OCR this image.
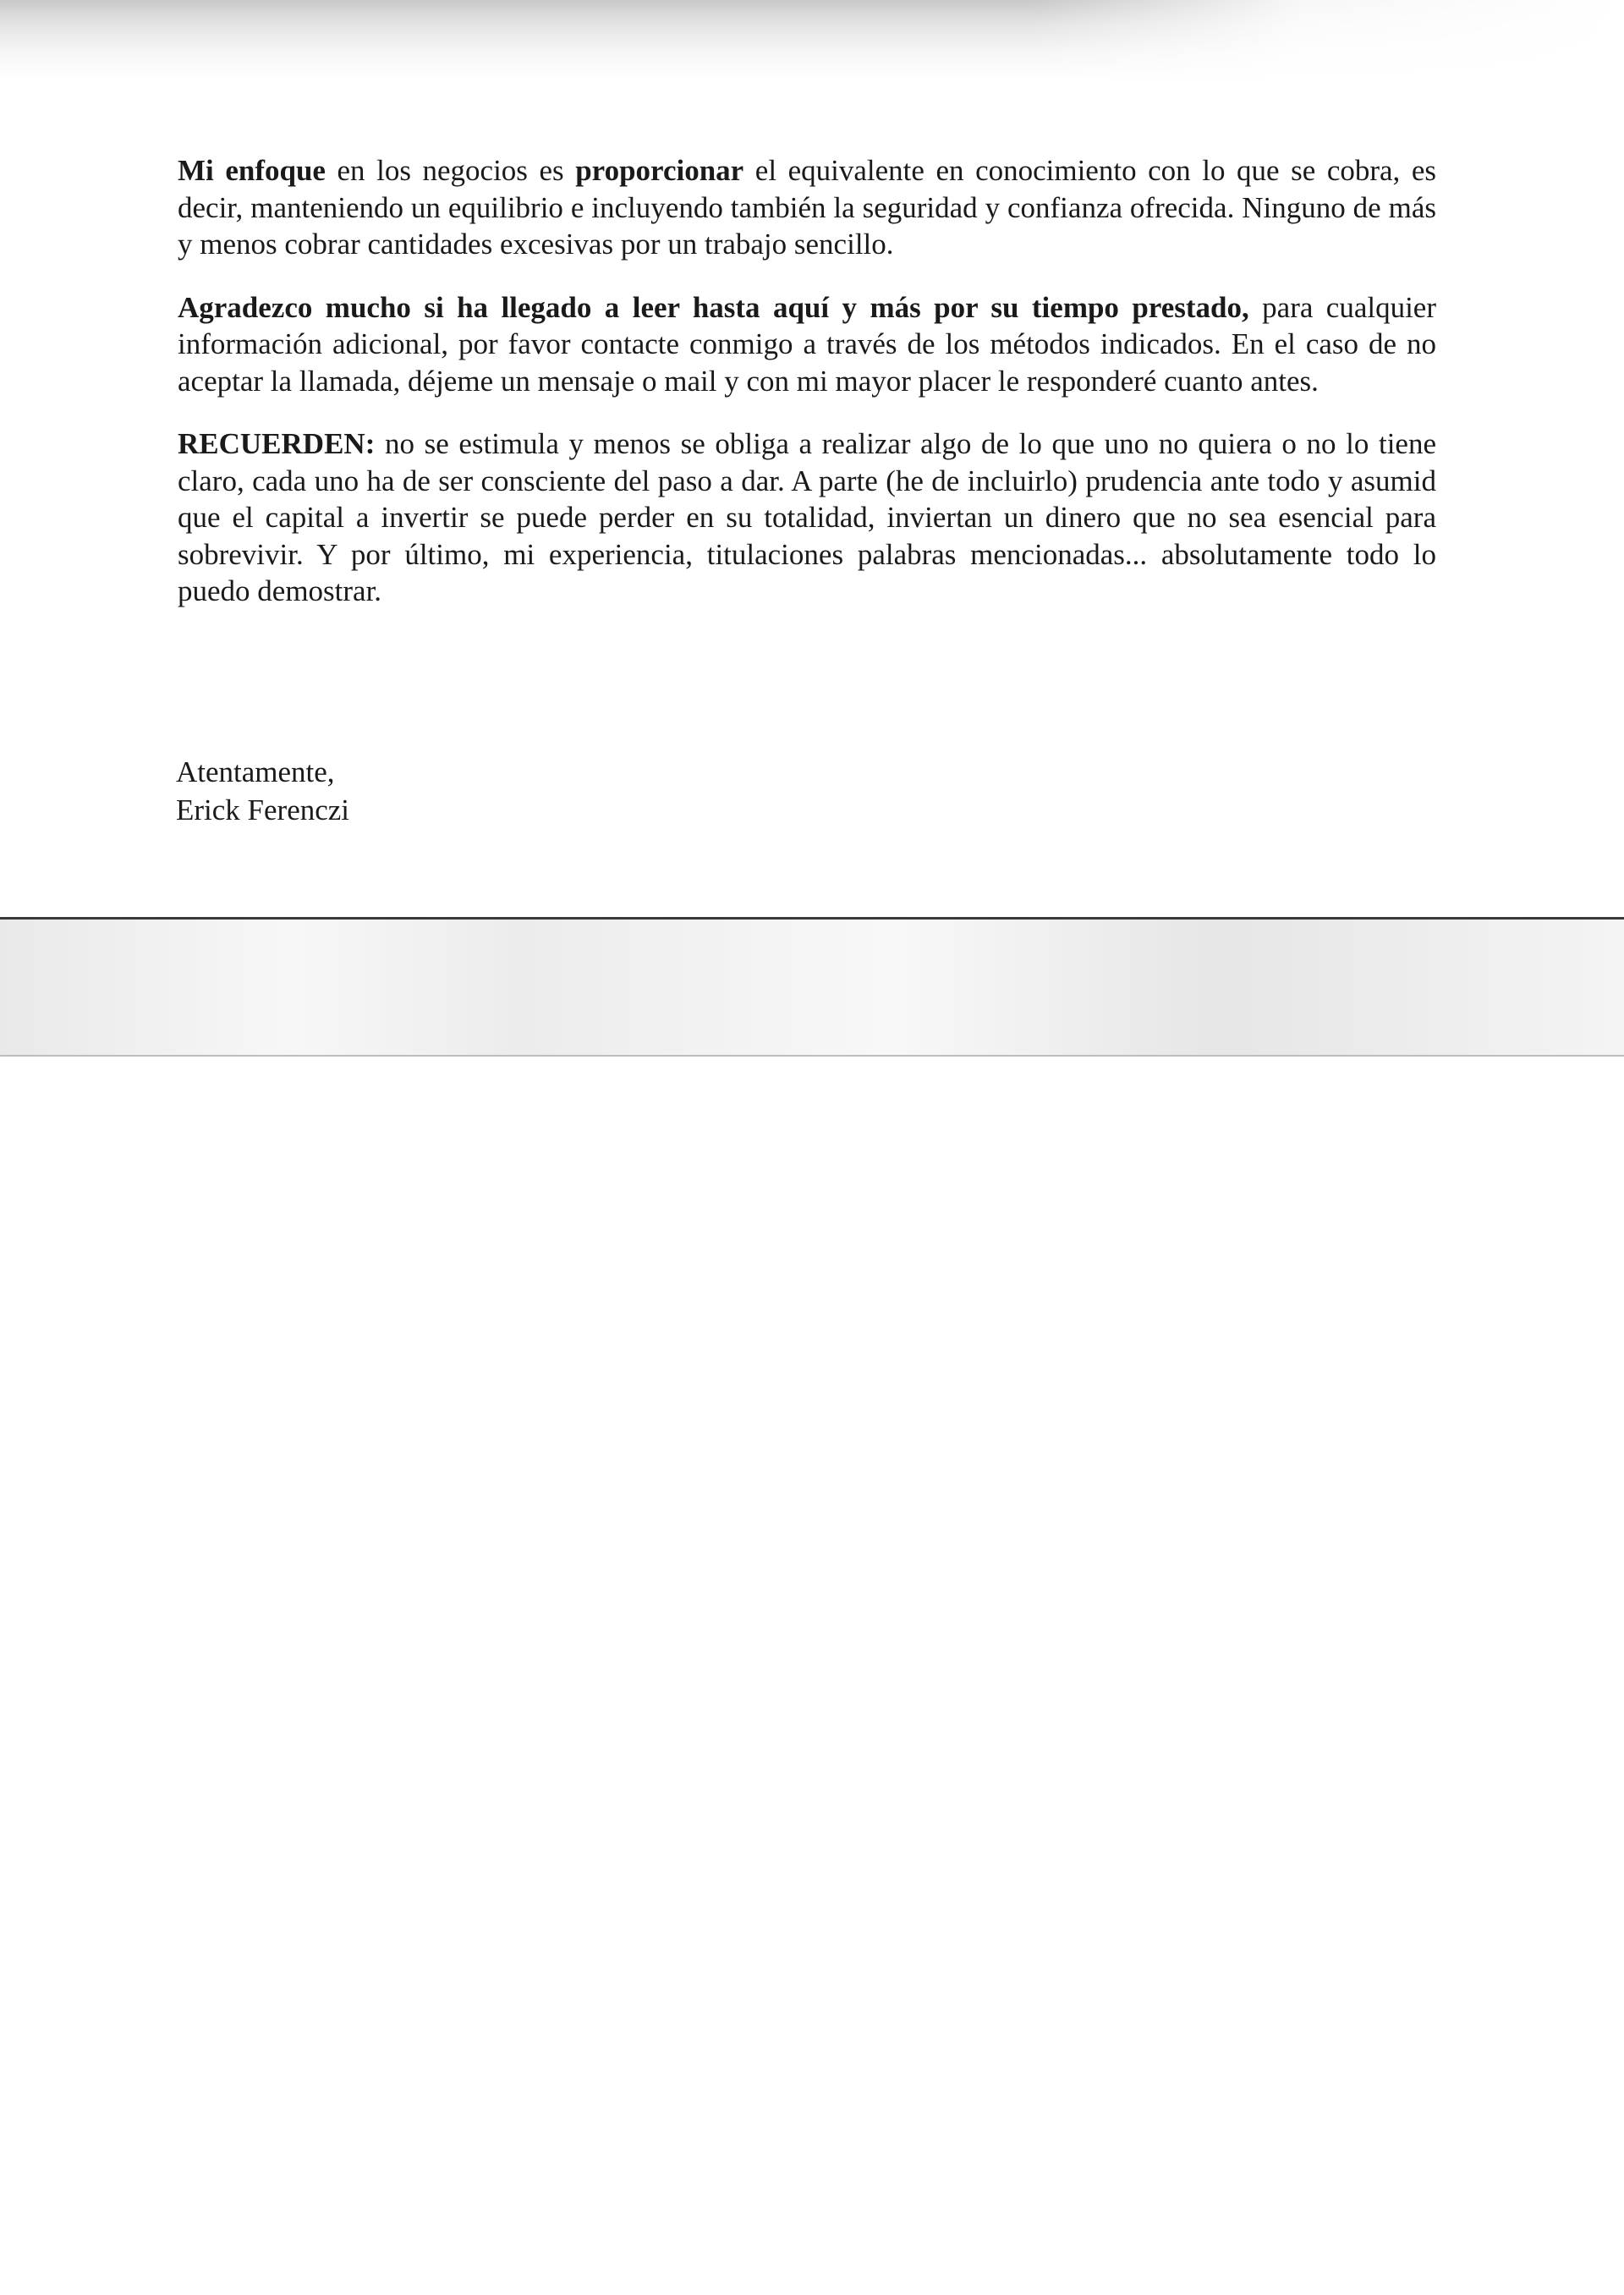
Mi enfoque en los negocios es proporcionar el equivalente en conocimiento con lo que se cobra, es decir, manteniendo un equilibrio e incluyendo también la seguridad y confianza ofrecida. Ninguno de más y menos cobrar cantidades excesivas por un trabajo sencillo.

Agradezco mucho si ha llegado a leer hasta aquí y más por su tiempo prestado, para cualquier información adicional, por favor contacte conmigo a través de los métodos indicados. En el caso de no aceptar la llamada, déjeme un mensaje o mail y con mi mayor placer le responderé cuanto antes.

RECUERDEN: no se estimula y menos se obliga a realizar algo de lo que uno no quiera o no lo tiene claro, cada uno ha de ser consciente del paso a dar. A parte (he de incluirlo) prudencia ante todo y asumid que el capital a invertir se puede perder en su totalidad, inviertan un dinero que no sea esencial para sobrevivir. Y por último, mi experiencia, titulaciones palabras mencionadas... absolutamente todo lo puedo demostrar.

Atentamente,
Erick Ferenczi
